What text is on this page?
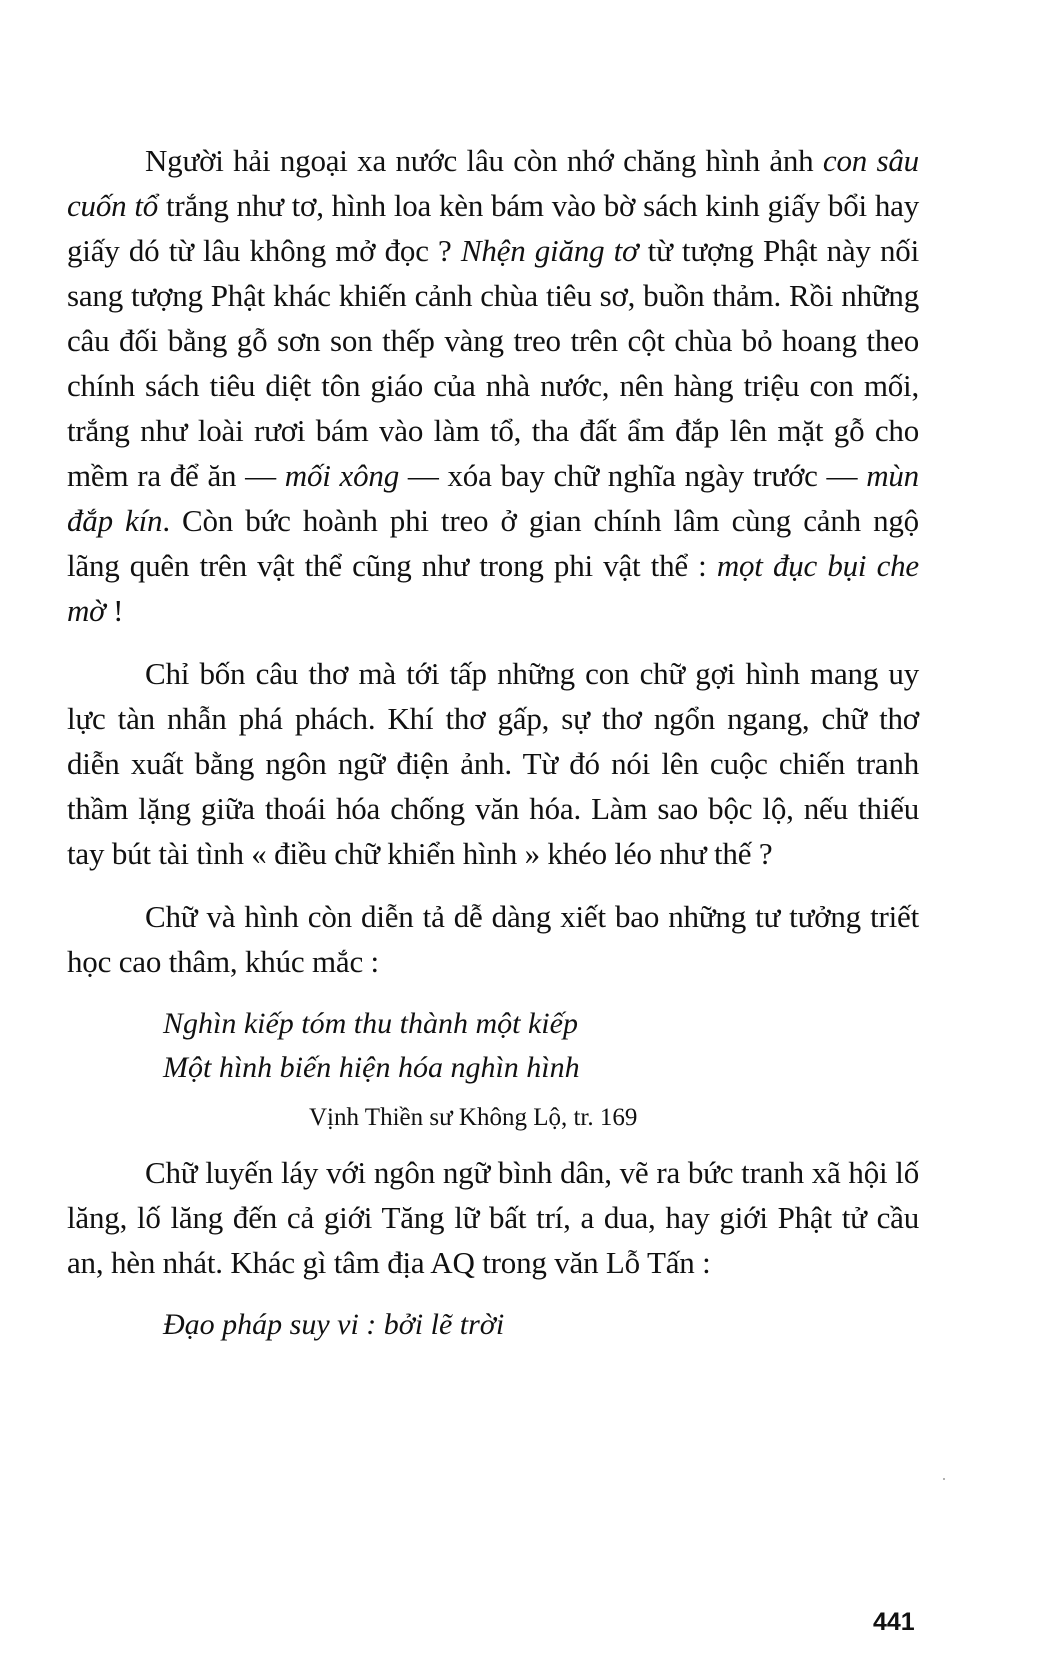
Người hải ngoại xa nước lâu còn nhớ chăng hình ảnh con sâu cuốn tổ trắng như tơ, hình loa kèn bám vào bờ sách kinh giấy bổi hay giấy dó từ lâu không mở đọc ? Nhện giăng tơ từ tượng Phật này nối sang tượng Phật khác khiến cảnh chùa tiêu sơ, buồn thảm. Rồi những câu đối bằng gỗ sơn son thếp vàng treo trên cột chùa bỏ hoang theo chính sách tiêu diệt tôn giáo của nhà nước, nên hàng triệu con mối, trắng như loài rươi bám vào làm tổ, tha đất ẩm đắp lên mặt gỗ cho mềm ra để ăn — mối xông — xóa bay chữ nghĩa ngày trước — mùn đắp kín. Còn bức hoành phi treo ở gian chính lâm cùng cảnh ngộ lãng quên trên vật thể cũng như trong phi vật thể : mọt đục bụi che mờ !

Chỉ bốn câu thơ mà tới tấp những con chữ gợi hình mang uy lực tàn nhẫn phá phách. Khí thơ gấp, sự thơ ngổn ngang, chữ thơ diễn xuất bằng ngôn ngữ điện ảnh. Từ đó nói lên cuộc chiến tranh thầm lặng giữa thoái hóa chống văn hóa. Làm sao bộc lộ, nếu thiếu tay bút tài tình « điều chữ khiển hình » khéo léo như thế ?

Chữ và hình còn diễn tả dễ dàng xiết bao những tư tưởng triết học cao thâm, khúc mắc :

Nghìn kiếp tóm thu thành một kiếp
Một hình biến hiện hóa nghìn hình
Vịnh Thiền sư Không Lộ, tr. 169

Chữ luyến láy với ngôn ngữ bình dân, vẽ ra bức tranh xã hội lố lăng, lố lăng đến cả giới Tăng lữ bất trí, a dua, hay giới Phật tử cầu an, hèn nhát. Khác gì tâm địa AQ trong văn Lỗ Tấn :

Đạo pháp suy vi : bởi lẽ trời
441
